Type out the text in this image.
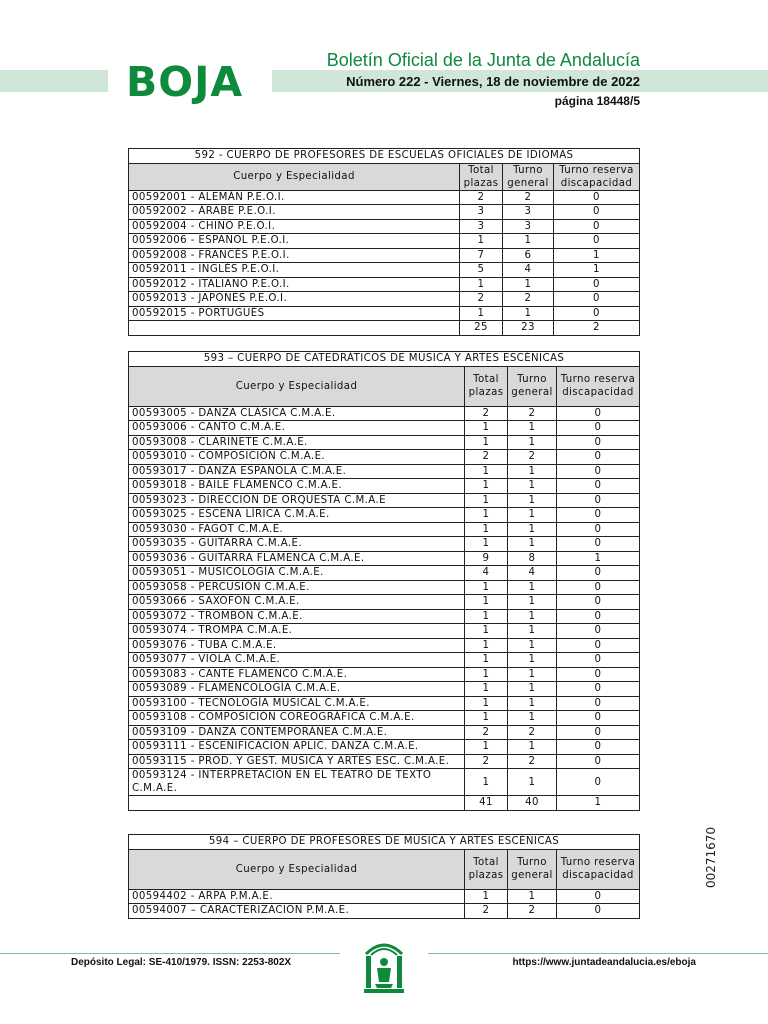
BOJA	Boletín Oficial de la Junta de Andalucía
Número 222 - Viernes, 18 de noviembre de 2022
página 18448/5
592 - CUERPO DE PROFESORES DE ESCUELAS OFICIALES DE IDIOMAS			
Cuerpo y Especialidad	Total plazas	Turno general	Turno reserva discapacidad
00592001 - ALEMÁN P.E.O.I.	2	2	0
00592002 - ÁRABE P.E.O.I.	3	3	0
00592004 - CHINO P.E.O.I.	3	3	0
00592006 - ESPAÑOL P.E.O.I.	1	1	0
00592008 - FRANCÉS P.E.O.I.	7	6	1
00592011 - INGLÉS P.E.O.I.	5	4	1
00592012 - ITALIANO P.E.O.I.	1	1	0
00592013 - JAPONÉS P.E.O.I.	2	2	0
00592015 - PORTUGUÉS	1	1	0
	25	23	2
593 – CUERPO DE CATEDRÁTICOS DE MÚSICA Y ARTES ESCÉNICAS			
Cuerpo y Especialidad	Total plazas	Turno general	Turno reserva discapacidad
00593005 - DANZA CLÁSICA C.M.A.E.	2	2	0
00593006 - CANTO C.M.A.E.	1	1	0
00593008 - CLARINETE C.M.A.E.	1	1	0
00593010 - COMPOSICIÓN C.M.A.E.	2	2	0
00593017 - DANZA ESPAÑOLA C.M.A.E.	1	1	0
00593018 - BAILE FLAMENCO C.M.A.E.	1	1	0
00593023 - DIRECCIÓN DE ORQUESTA C.M.A.E	1	1	0
00593025 - ESCENA LÍRICA C.M.A.E.	1	1	0
00593030 - FAGOT C.M.A.E.	1	1	0
00593035 - GUITARRA C.M.A.E.	1	1	0
00593036 - GUITARRA FLAMENCA C.M.A.E.	9	8	1
00593051 - MUSICOLOGÍA C.M.A.E.	4	4	0
00593058 - PERCUSIÓN C.M.A.E.	1	1	0
00593066 - SAXOFÓN C.M.A.E.	1	1	0
00593072 - TROMBÓN C.M.A.E.	1	1	0
00593074 - TROMPA C.M.A.E.	1	1	0
00593076 - TUBA C.M.A.E.	1	1	0
00593077 - VIOLA C.M.A.E.	1	1	0
00593083 - CANTE FLAMENCO C.M.A.E.	1	1	0
00593089 - FLAMENCOLOGÍA C.M.A.E.	1	1	0
00593100 - TECNOLOGÍA MUSICAL C.M.A.E.	1	1	0
00593108 - COMPOSICIÓN COREOGRÁFICA C.M.A.E.	1	1	0
00593109 - DANZA CONTEMPORÁNEA C.M.A.E.	2	2	0
00593111 - ESCENIFICACIÓN APLIC. DANZA C.M.A.E.	1	1	0
00593115 - PROD. Y GEST. MÚSICA Y ARTES ESC. C.M.A.E.	2	2	0
00593124 - INTERPRETACIÓN EN EL TEATRO DE TEXTO C.M.A.E.	1	1	0
	41	40	1
594 – CUERPO DE PROFESORES DE MÚSICA Y ARTES ESCÉNICAS			
Cuerpo y Especialidad	Total plazas	Turno general	Turno reserva discapacidad
00594402 - ARPA P.M.A.E.	1	1	0
00594007 – CARACTERIZACIÓN P.M.A.E.	2	2	0
00271670
Depósito Legal: SE-410/1979. ISSN: 2253-802X	https://www.juntadeandalucia.es/eboja
